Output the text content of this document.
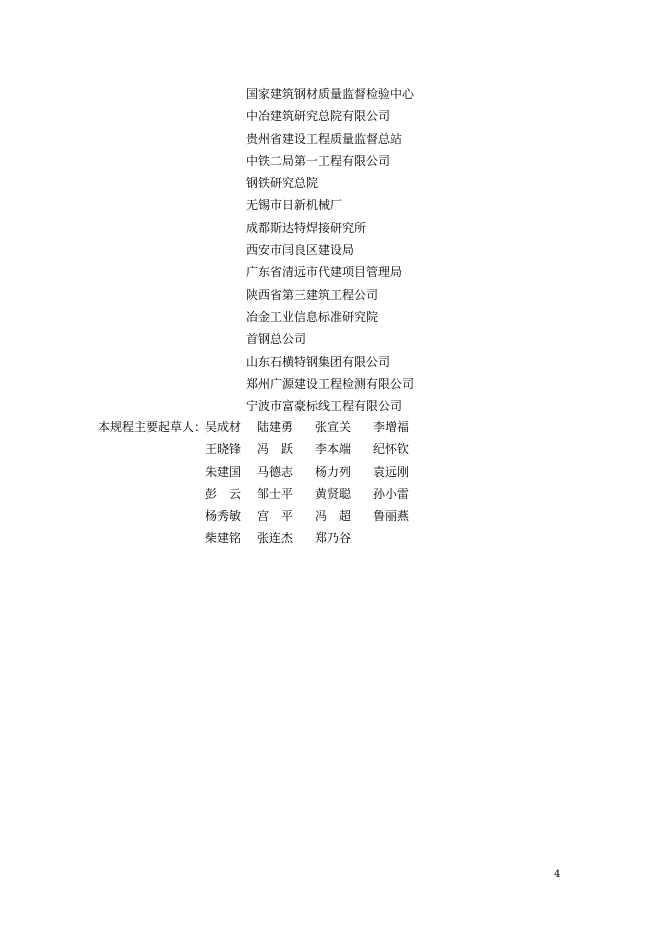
国家建筑钢材质量监督检验中心
中冶建筑研究总院有限公司
贵州省建设工程质量监督总站
中铁二局第一工程有限公司
钢铁研究总院
无锡市日新机械厂
成都斯达特焊接研究所
西安市闫良区建设局
广东省清远市代建项目管理局
陕西省第三建筑工程公司
冶金工业信息标准研究院
首钢总公司
山东石横特钢集团有限公司
郑州广源建设工程检测有限公司
宁波市富豪标线工程有限公司
本规程主要起草人：
吴成材	陆建勇	张宣关	李增福
王晓锋	冯　跃	李本端	纪怀钦
朱建国	马德志	杨力列	袁远刚
彭　云	邹士平	黄贤聪	孙小雷
杨秀敏	宫　平	冯　超	鲁丽燕
柴建铭	张连杰	郑乃谷
4
